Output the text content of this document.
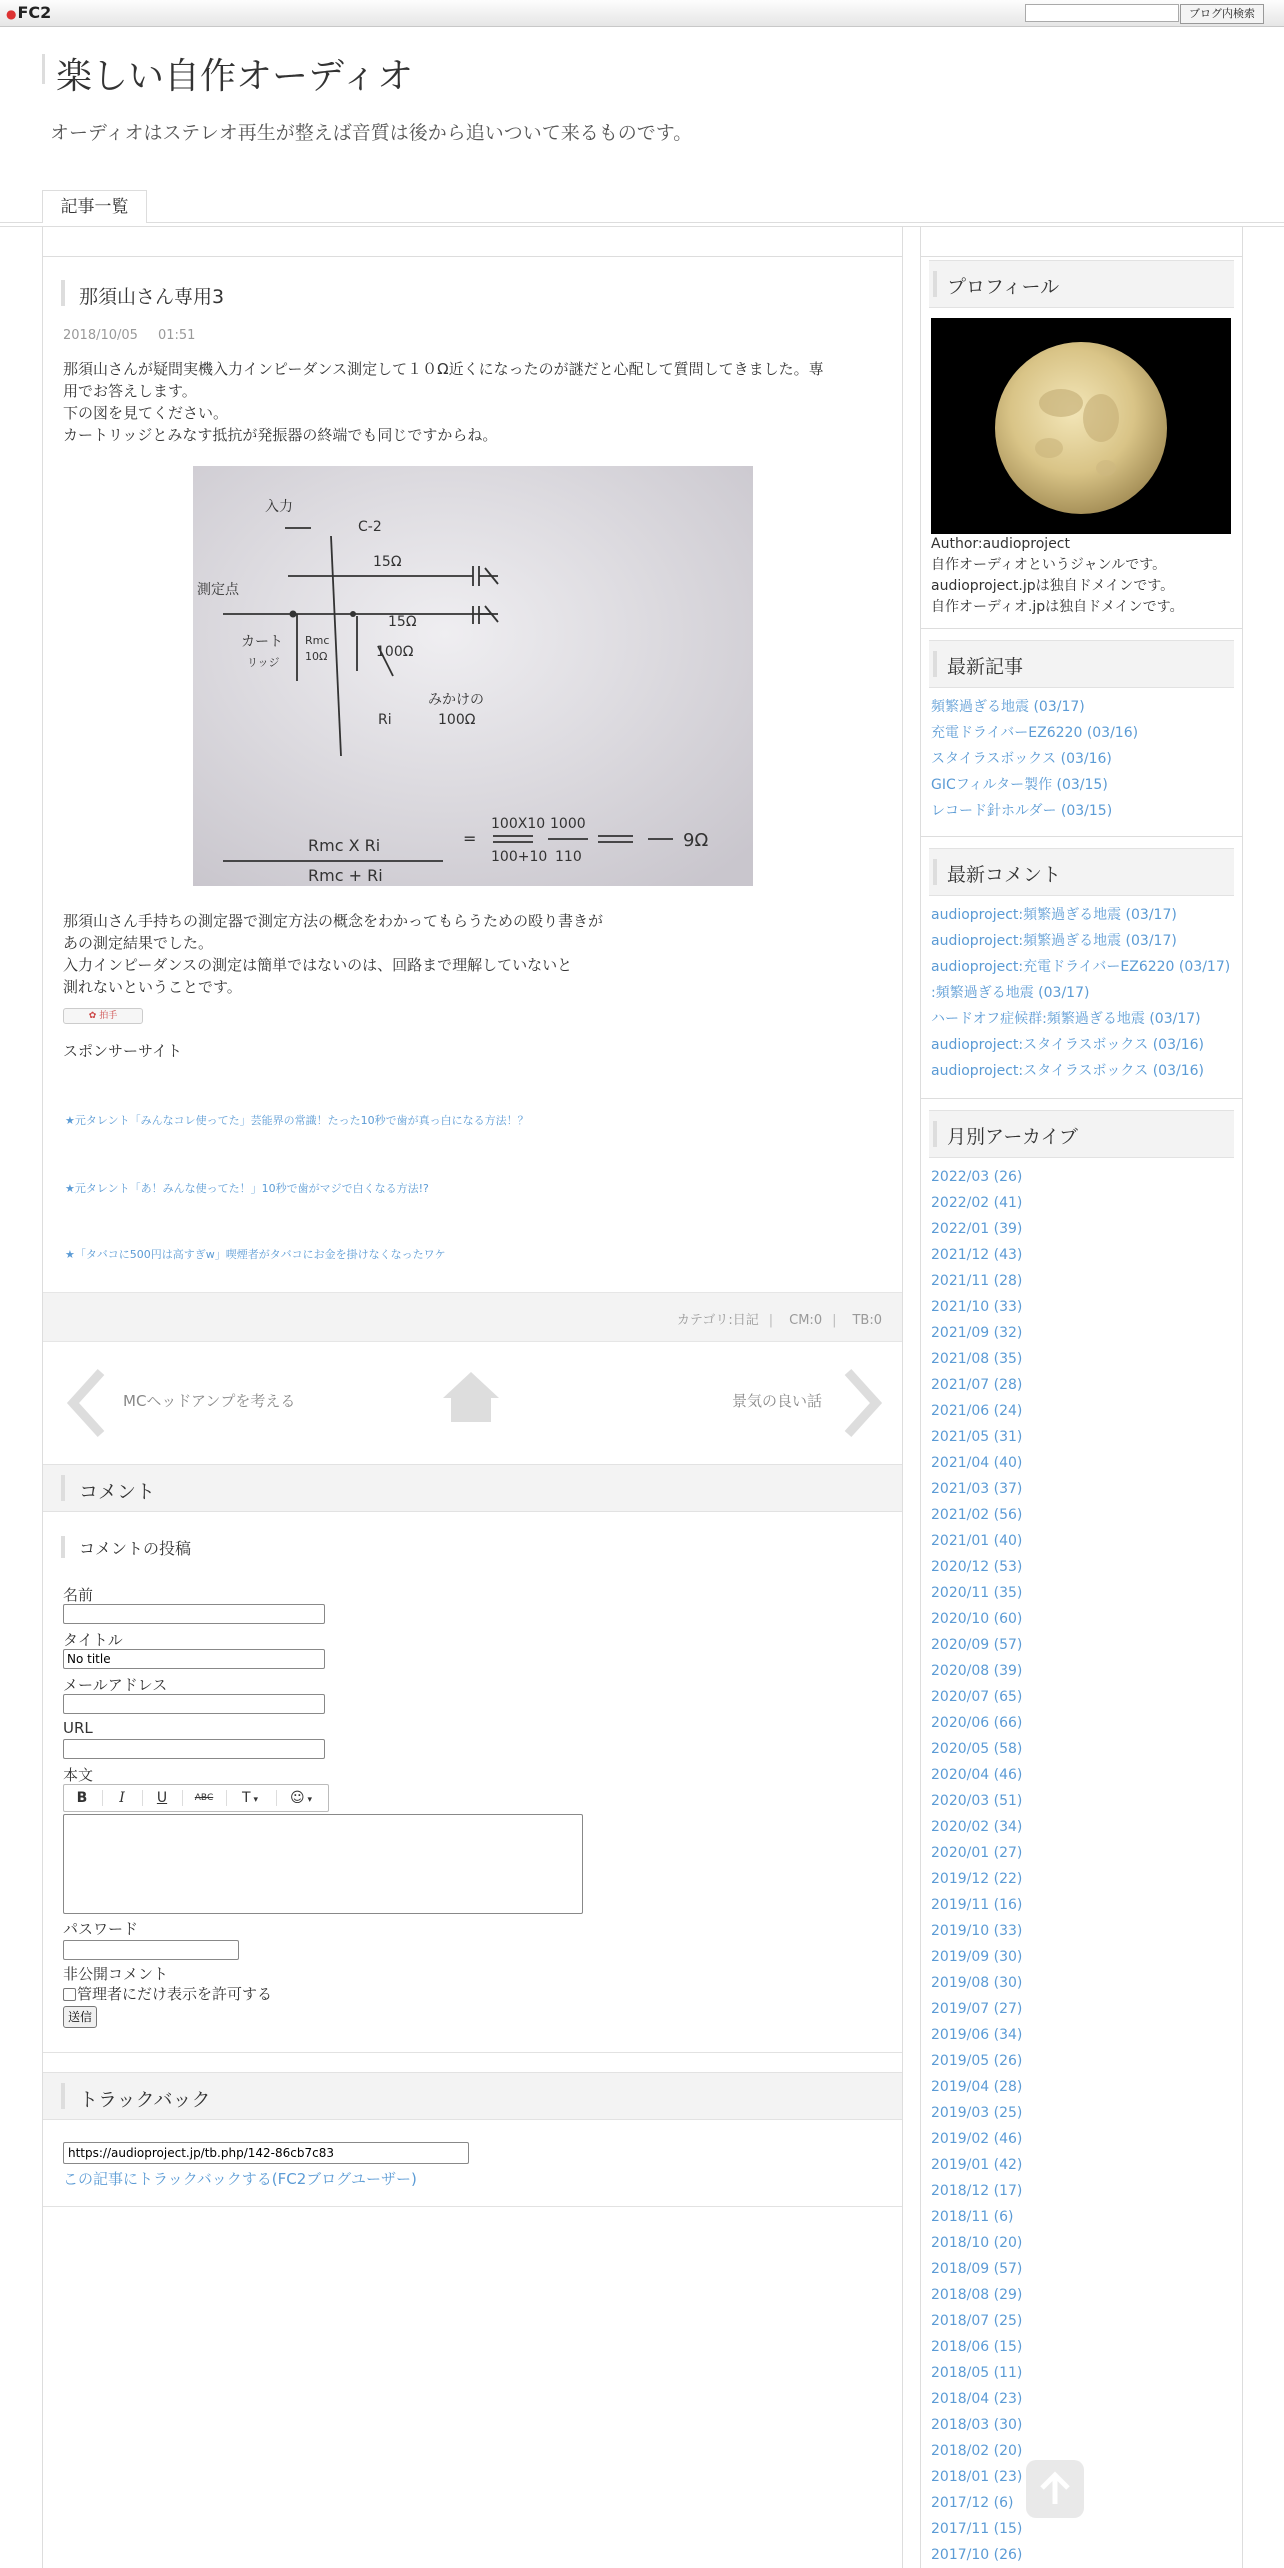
●FC2	ブログ内検索
楽しい自作オーディオ
オーディオはステレオ再生が整えば音質は後から追いついて来るものです。
記事一覧
那須山さん専用3
2018/10/05 01:51
那須山さんが疑問実機入力インピーダンス測定して１０Ω近くになったのが謎だと心配して質問してきました。専
用でお答えします。
下の図を見てください。
カートリッジとみなす抵抗が発振器の終端でも同じですからね。
入力
C-2
測定点
15Ω
15Ω
100Ω
カート
リッジ
Rmc
10Ω
みかけの
100Ω
Ri
Rmc X Ri
Rmc + Ri
=
100X10
100+10
1000
110
9Ω
那須山さん手持ちの測定器で測定方法の概念をわかってもらうための殴り書きが
あの測定結果でした。
入力インピーダンスの測定は簡単ではないのは、回路まで理解していないと
測れないということです。
✿ 拍手
スポンサーサイト
★元タレント「みんなコレ使ってた」芸能界の常識！たった10秒で歯が真っ白になる方法！？
★元タレント「あ！みんな使ってた！」10秒で歯がマジで白くなる方法!?
★「タバコに500円は高すぎw」喫煙者がタバコにお金を掛けなくなったワケ
カテゴリ:日記 | CM:0 | TB:0
MCヘッドアンプを考える	景気の良い話
コメント
コメントの投稿
名前
タイトル
No title
メールアドレス
URL
本文
B	I	U	ABC	T ▾	☺ ▾
パスワード
非公開コメント
管理者にだけ表示を許可する
送信
トラックバック
https://audioproject.jp/tb.php/142-86cb7c83
この記事にトラックバックする(FC2ブログユーザー)
プロフィール
Author:audioproject
自作オーディオというジャンルです。
audioproject.jpは独自ドメインです。
自作オーディオ.jpは独自ドメインです。
最新記事
頻繁過ぎる地震 (03/17)
充電ドライバーEZ6220 (03/16)
スタイラスボックス (03/16)
GICフィルター製作 (03/15)
レコード針ホルダー (03/15)
最新コメント
audioproject:頻繁過ぎる地震 (03/17)
audioproject:頻繁過ぎる地震 (03/17)
audioproject:充電ドライバーEZ6220 (03/17)
:頻繁過ぎる地震 (03/17)
ハードオフ症候群:頻繁過ぎる地震 (03/17)
audioproject:スタイラスボックス (03/16)
audioproject:スタイラスボックス (03/16)
月別アーカイブ
2022/03 (26)
2022/02 (41)
2022/01 (39)
2021/12 (43)
2021/11 (28)
2021/10 (33)
2021/09 (32)
2021/08 (35)
2021/07 (28)
2021/06 (24)
2021/05 (31)
2021/04 (40)
2021/03 (37)
2021/02 (56)
2021/01 (40)
2020/12 (53)
2020/11 (35)
2020/10 (60)
2020/09 (57)
2020/08 (39)
2020/07 (65)
2020/06 (66)
2020/05 (58)
2020/04 (46)
2020/03 (51)
2020/02 (34)
2020/01 (27)
2019/12 (22)
2019/11 (16)
2019/10 (33)
2019/09 (30)
2019/08 (30)
2019/07 (27)
2019/06 (34)
2019/05 (26)
2019/04 (28)
2019/03 (25)
2019/02 (46)
2019/01 (42)
2018/12 (17)
2018/11 (6)
2018/10 (20)
2018/09 (57)
2018/08 (29)
2018/07 (25)
2018/06 (15)
2018/05 (11)
2018/04 (23)
2018/03 (30)
2018/02 (20)
2018/01 (23)
2017/12 (6)
2017/11 (15)
2017/10 (26)
